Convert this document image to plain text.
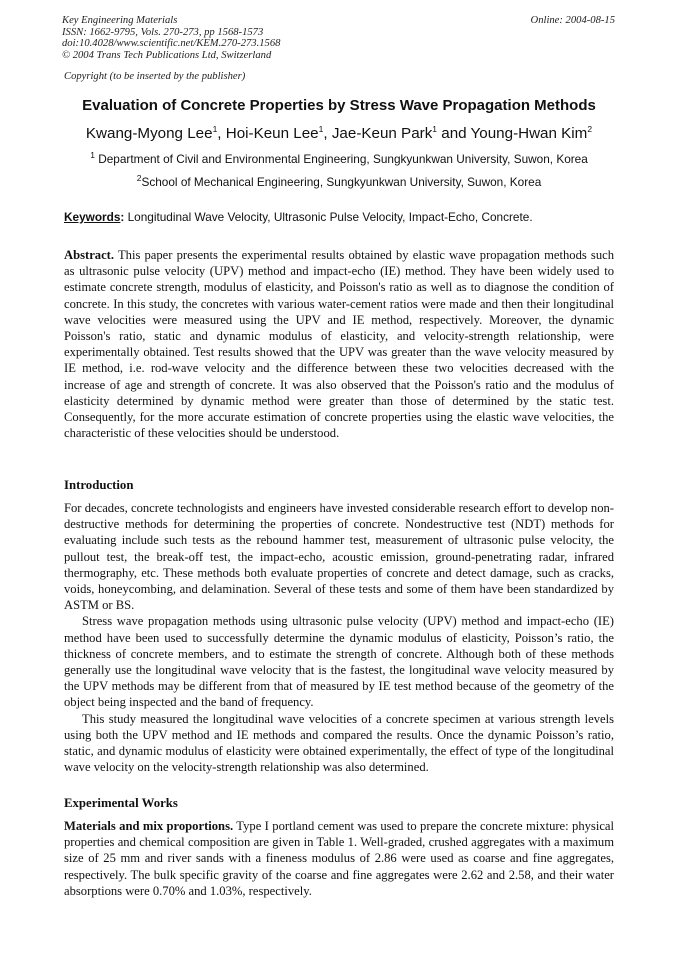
Key Engineering Materials
ISSN: 1662-9795, Vols. 270-273, pp 1568-1573
doi:10.4028/www.scientific.net/KEM.270-273.1568
© 2004 Trans Tech Publications Ltd, Switzerland
Online: 2004-08-15
Copyright (to be inserted by the publisher)
Evaluation of Concrete Properties by Stress Wave Propagation Methods
Kwang-Myong Lee$^1$, Hoi-Keun Lee$^1$, Jae-Keun Park$^1$ and Young-Hwan Kim$^2$
$^1$ Department of Civil and Environmental Engineering, Sungkyunkwan University, Suwon, Korea
$^2$School of Mechanical Engineering, Sungkyunkwan University, Suwon, Korea
Keywords: Longitudinal Wave Velocity, Ultrasonic Pulse Velocity, Impact-Echo, Concrete.

Abstract. This paper presents the experimental results obtained by elastic wave propagation methods such as ultrasonic pulse velocity (UPV) method and impact-echo (IE) method. They have been widely used to estimate concrete strength, modulus of elasticity, and Poisson's ratio as well as to diagnose the condition of concrete. In this study, the concretes with various water-cement ratios were made and then their longitudinal wave velocities were measured using the UPV and IE method, respectively. Moreover, the dynamic Poisson's ratio, static and dynamic modulus of elasticity, and velocity-strength relationship, were experimentally obtained. Test results showed that the UPV was greater than the wave velocity measured by IE method, i.e. rod-wave velocity and the difference between these two velocities decreased with the increase of age and strength of concrete. It was also observed that the Poisson's ratio and the modulus of elasticity determined by dynamic method were greater than those of determined by the static test. Consequently, for the more accurate estimation of concrete properties using the elastic wave velocities, the characteristic of these velocities should be understood.

Introduction

For decades, concrete technologists and engineers have invested considerable research effort to develop non-destructive methods for determining the properties of concrete. Nondestructive test (NDT) methods for evaluating include such tests as the rebound hammer test, measurement of ultrasonic pulse velocity, the pullout test, the break-off test, the impact-echo, acoustic emission, ground-penetrating radar, infrared thermography, etc. These methods both evaluate properties of concrete and detect damage, such as cracks, voids, honeycombing, and delamination. Several of these tests and some of them have been standardized by ASTM or BS.

Stress wave propagation methods using ultrasonic pulse velocity (UPV) method and impact-echo (IE) method have been used to successfully determine the dynamic modulus of elasticity, Poisson’s ratio, the thickness of concrete members, and to estimate the strength of concrete. Although both of these methods generally use the longitudinal wave velocity that is the fastest, the longitudinal wave velocity measured by the UPV methods may be different from that of measured by IE test method because of the geometry of the object being inspected and the band of frequency.

This study measured the longitudinal wave velocities of a concrete specimen at various strength levels using both the UPV method and IE methods and compared the results. Once the dynamic Poisson’s ratio, static, and dynamic modulus of elasticity were obtained experimentally, the effect of type of the longitudinal wave velocity on the velocity-strength relationship was also determined.

Experimental Works

Materials and mix proportions. Type I portland cement was used to prepare the concrete mixture: physical properties and chemical composition are given in Table 1. Well-graded, crushed aggregates with a maximum size of 25 mm and river sands with a fineness modulus of 2.86 were used as coarse and fine aggregates, respectively. The bulk specific gravity of the coarse and fine aggregates were 2.62 and 2.58, and their water absorptions were 0.70% and 1.03%, respectively.
